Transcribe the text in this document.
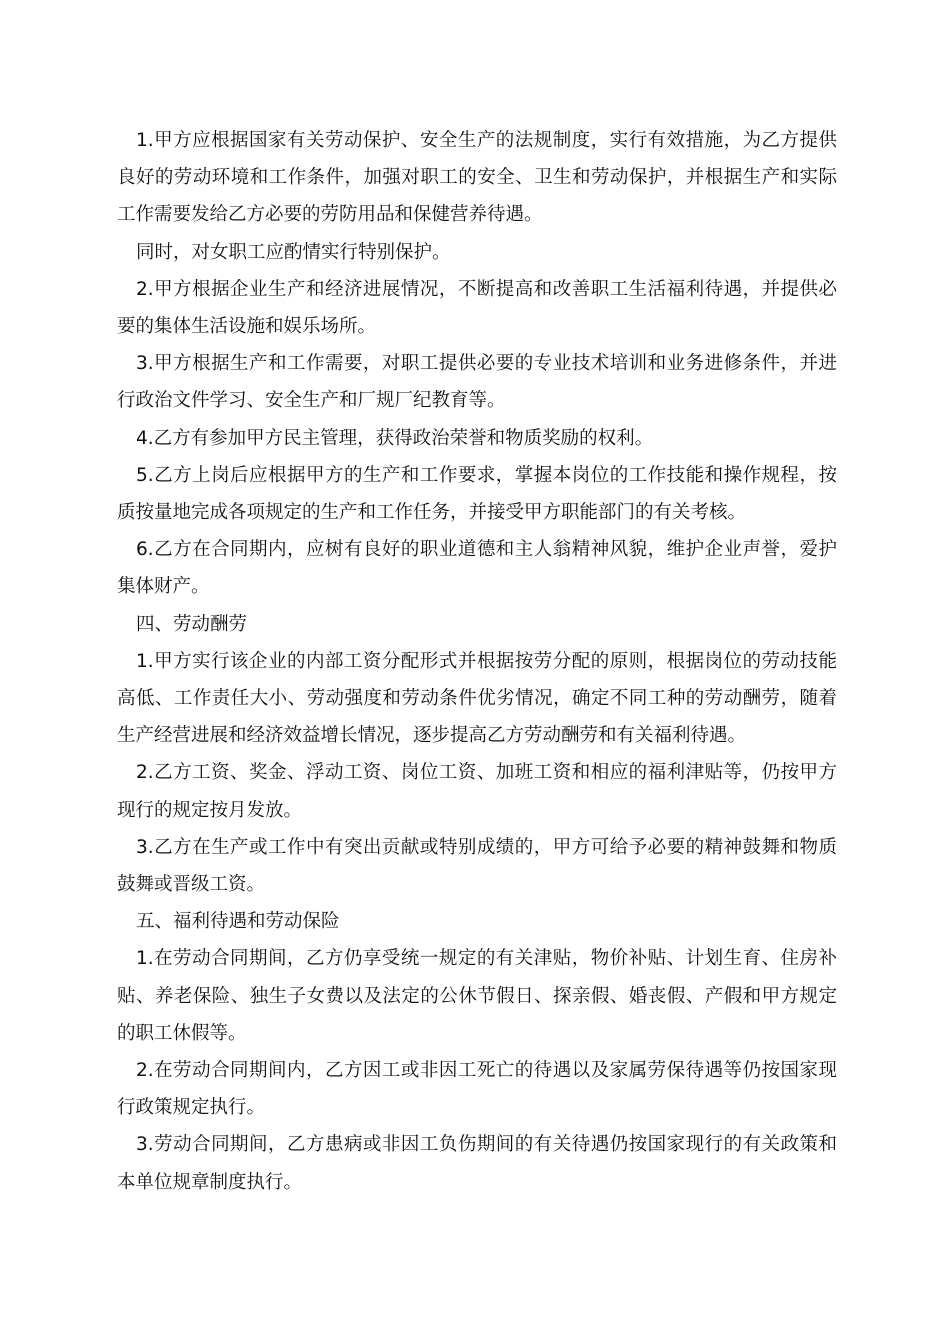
1.甲方应根据国家有关劳动保护、安全生产的法规制度，实行有效措施，为乙方提供良好的劳动环境和工作条件，加强对职工的安全、卫生和劳动保护，并根据生产和实际工作需要发给乙方必要的劳防用品和保健营养待遇。

同时，对女职工应酌情实行特别保护。

2.甲方根据企业生产和经济进展情况，不断提高和改善职工生活福利待遇，并提供必要的集体生活设施和娱乐场所。

3.甲方根据生产和工作需要，对职工提供必要的专业技术培训和业务进修条件，并进行政治文件学习、安全生产和厂规厂纪教育等。

4.乙方有参加甲方民主管理，获得政治荣誉和物质奖励的权利。

5.乙方上岗后应根据甲方的生产和工作要求，掌握本岗位的工作技能和操作规程，按质按量地完成各项规定的生产和工作任务，并接受甲方职能部门的有关考核。

6.乙方在合同期内，应树有良好的职业道德和主人翁精神风貌，维护企业声誉，爱护集体财产。

四、劳动酬劳

1.甲方实行该企业的内部工资分配形式并根据按劳分配的原则，根据岗位的劳动技能高低、工作责任大小、劳动强度和劳动条件优劣情况，确定不同工种的劳动酬劳，随着生产经营进展和经济效益增长情况，逐步提高乙方劳动酬劳和有关福利待遇。

2.乙方工资、奖金、浮动工资、岗位工资、加班工资和相应的福利津贴等，仍按甲方现行的规定按月发放。

3.乙方在生产或工作中有突出贡献或特别成绩的，甲方可给予必要的精神鼓舞和物质鼓舞或晋级工资。

五、福利待遇和劳动保险

1.在劳动合同期间，乙方仍享受统一规定的有关津贴，物价补贴、计划生育、住房补贴、养老保险、独生子女费以及法定的公休节假日、探亲假、婚丧假、产假和甲方规定的职工休假等。

2.在劳动合同期间内，乙方因工或非因工死亡的待遇以及家属劳保待遇等仍按国家现行政策规定执行。

3.劳动合同期间，乙方患病或非因工负伤期间的有关待遇仍按国家现行的有关政策和本单位规章制度执行。
